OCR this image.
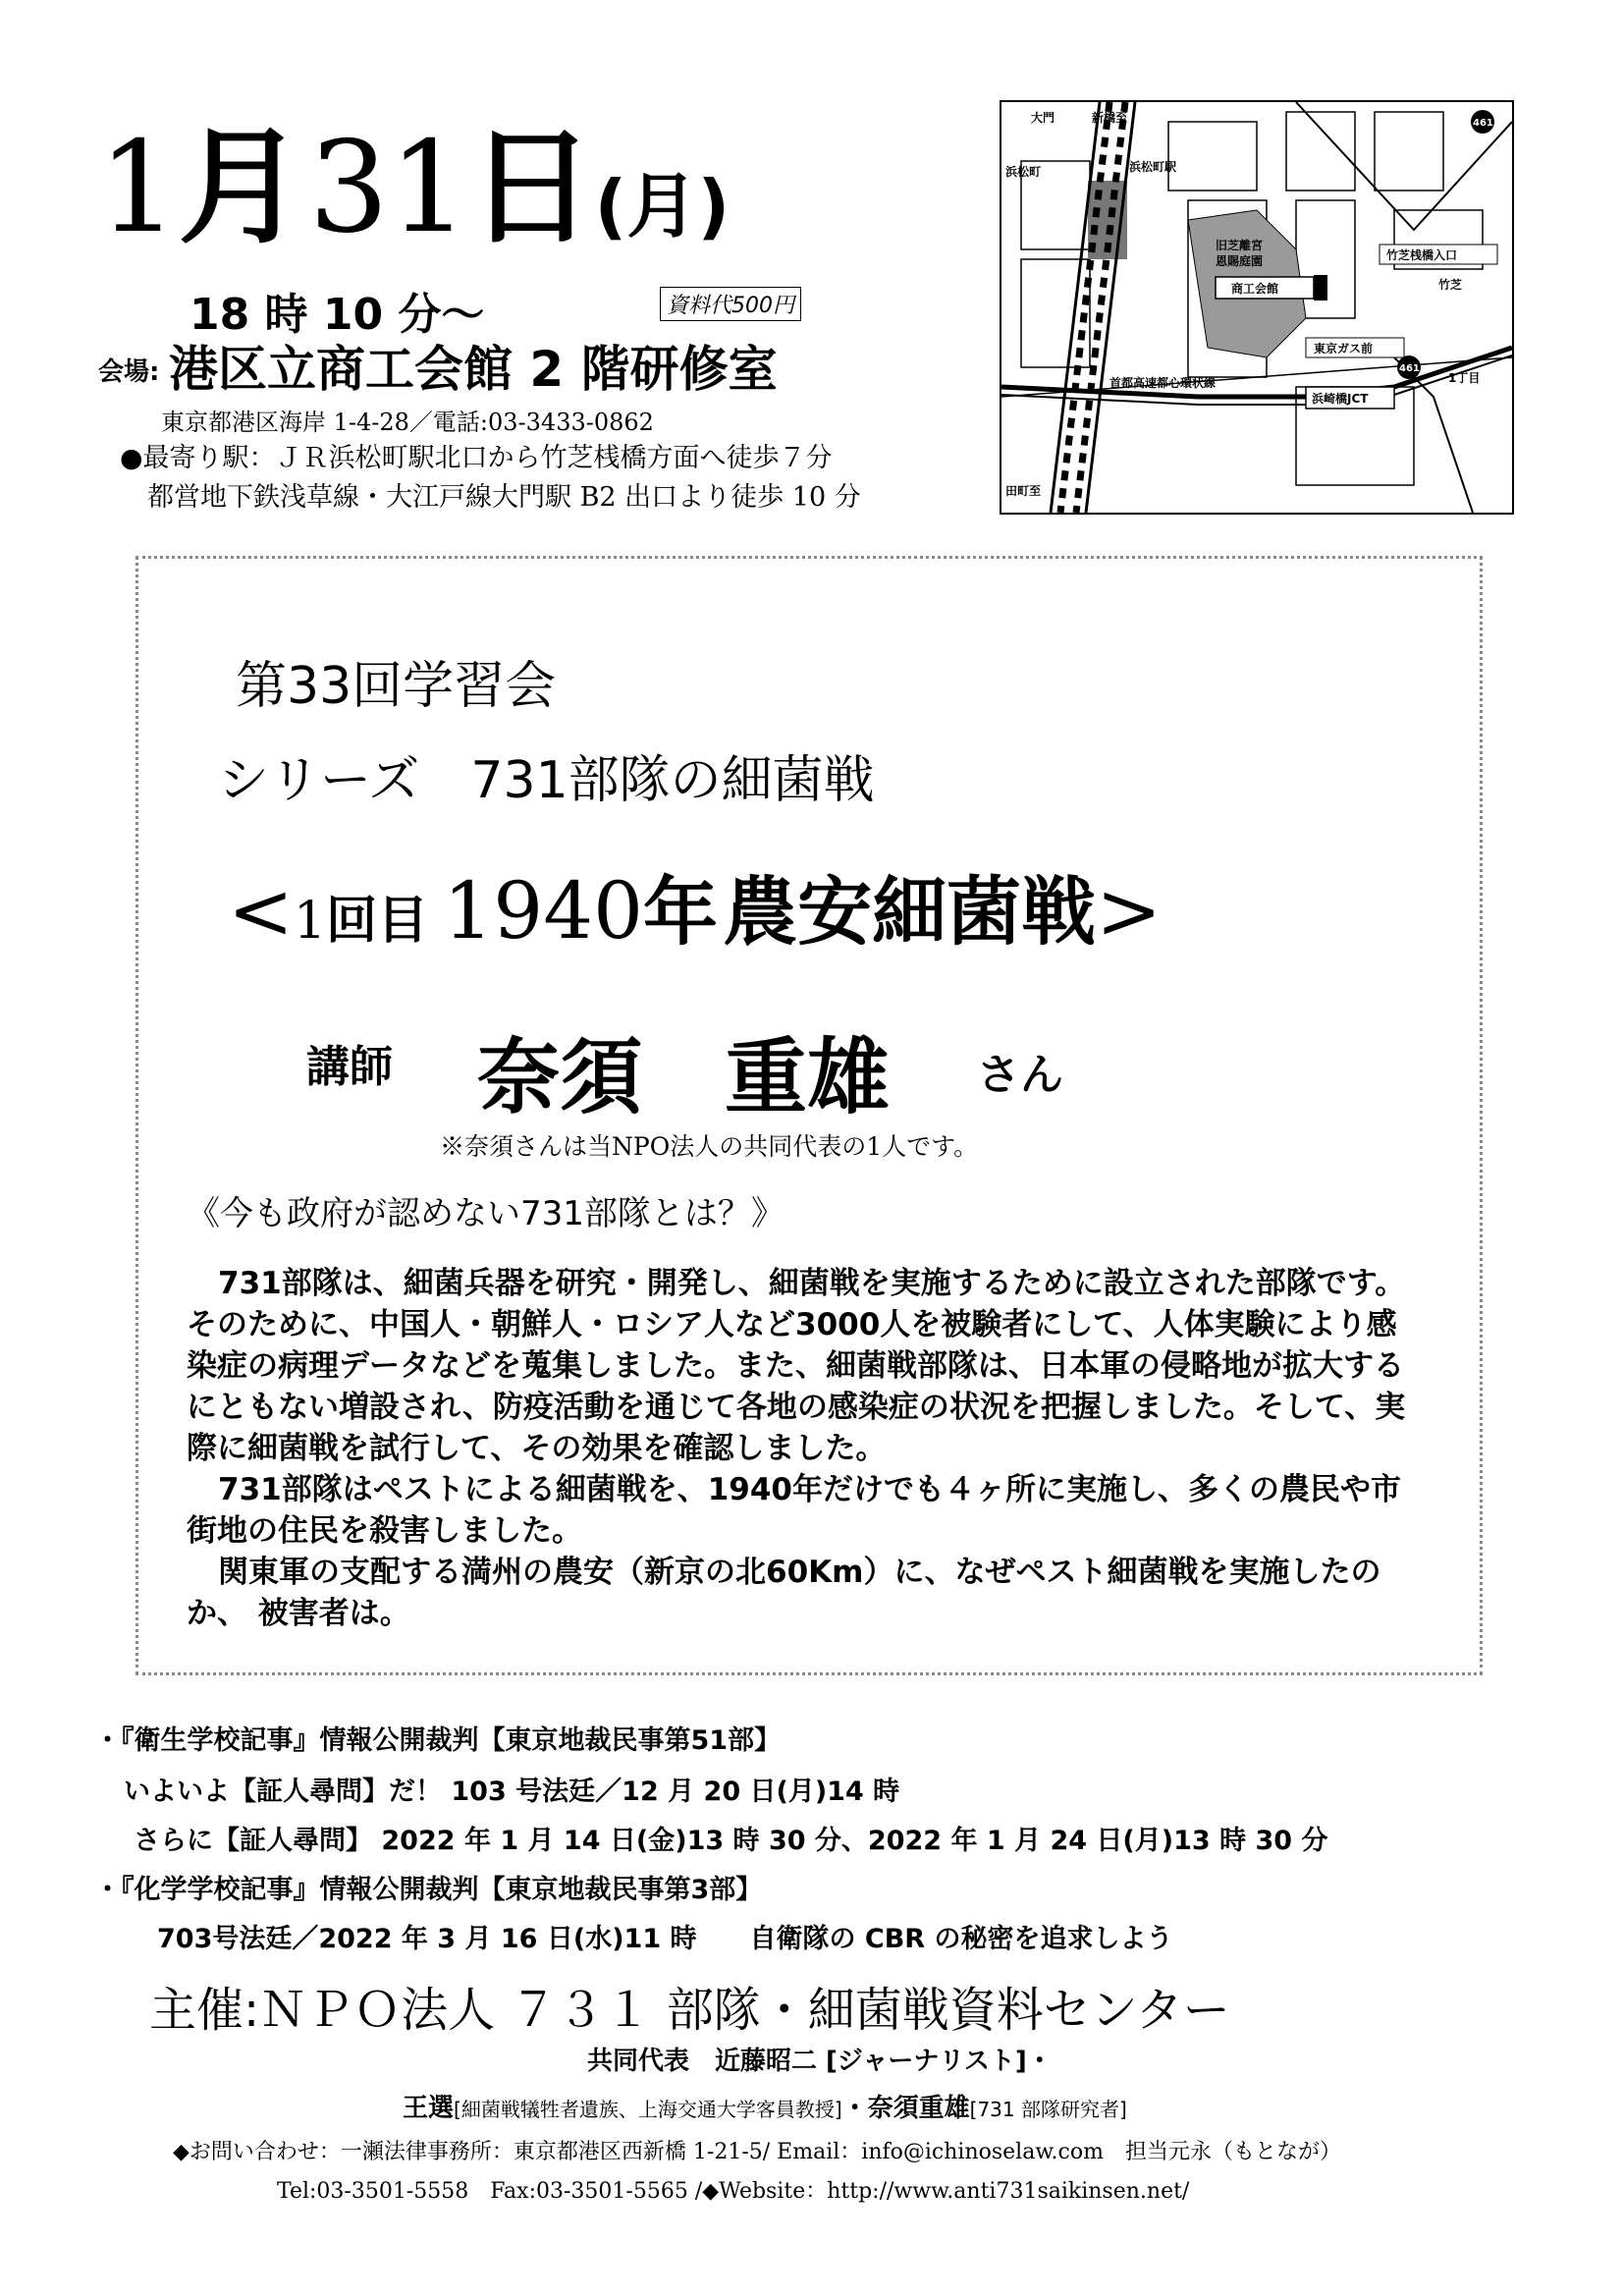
1月 31日(月)
18 時 10 分～	資料代500円
会場: 港区立商工会館 2 階研修室
東京都港区海岸 1-4-28／電話:03-3433-0862
●最寄り駅：ＪＲ浜松町駅北口から竹芝桟橋方面へ徒歩７分
都営地下鉄浅草線・大江戸線大門駅 B2 出口より徒歩 10 分
大門	新橋至
浜松町	浜松町駅
旧芝離宮
恩賜庭園
商工会館
竹芝桟橋入口
竹芝
東京ガス前
首都高速都心環状線
浜崎橋JCT
1丁目
田町至
461
461
第33回学習会
シリーズ　731部隊の細菌戦
<1回目 1940年 農安細菌戦>
講師 奈須　重雄 さん
※奈須さんは当NPO法人の共同代表の1人です。
《今も政府が認めない731部隊とは？》

731部隊は、細菌兵器を研究・開発し、細菌戦を実施するために設立された部隊です。そのために、中国人・朝鮮人・ロシア人など3000人を被験者にして、人体実験により感染症の病理データなどを蒐集しました。また、細菌戦部隊は、日本軍の侵略地が拡大するにともない増設され、防疫活動を通じて各地の感染症の状況を把握しました。そして、実際に細菌戦を試行して、その効果を確認しました。

731部隊はペストによる細菌戦を、1940年だけでも４ヶ所に実施し、多くの農民や市街地の住民を殺害しました。

関東軍の支配する満州の農安（新京の北60Km）に、なぜペスト細菌戦を実施したのか、 被害者は。

・『衛生学校記事』情報公開裁判【東京地裁民事第51部】
いよいよ【証人尋問】だ！ 103 号法廷／12 月 20 日(月)14 時
さらに【証人尋問】 2022 年 1 月 14 日(金)13 時 30 分、2022 年 1 月 24 日(月)13 時 30 分
・『化学学校記事』情報公開裁判【東京地裁民事第3部】
703号法廷／2022 年 3 月 16 日(水)11 時　　自衛隊の CBR の秘密を追求しよう
主催:ＮＰＯ法人 ７３１ 部隊・細菌戦資料センター
共同代表　近藤昭二 [ジャーナリスト]・
王選[細菌戦犠牲者遺族、上海交通大学客員教授]・奈須重雄[731 部隊研究者]
◆お問い合わせ：一瀬法律事務所：東京都港区西新橋 1-21-5/ Email：info@ichinoselaw.com　担当元永（もとなが）
Tel:03-3501-5558　Fax:03-3501-5565 /◆Website：http://www.anti731saikinsen.net/
